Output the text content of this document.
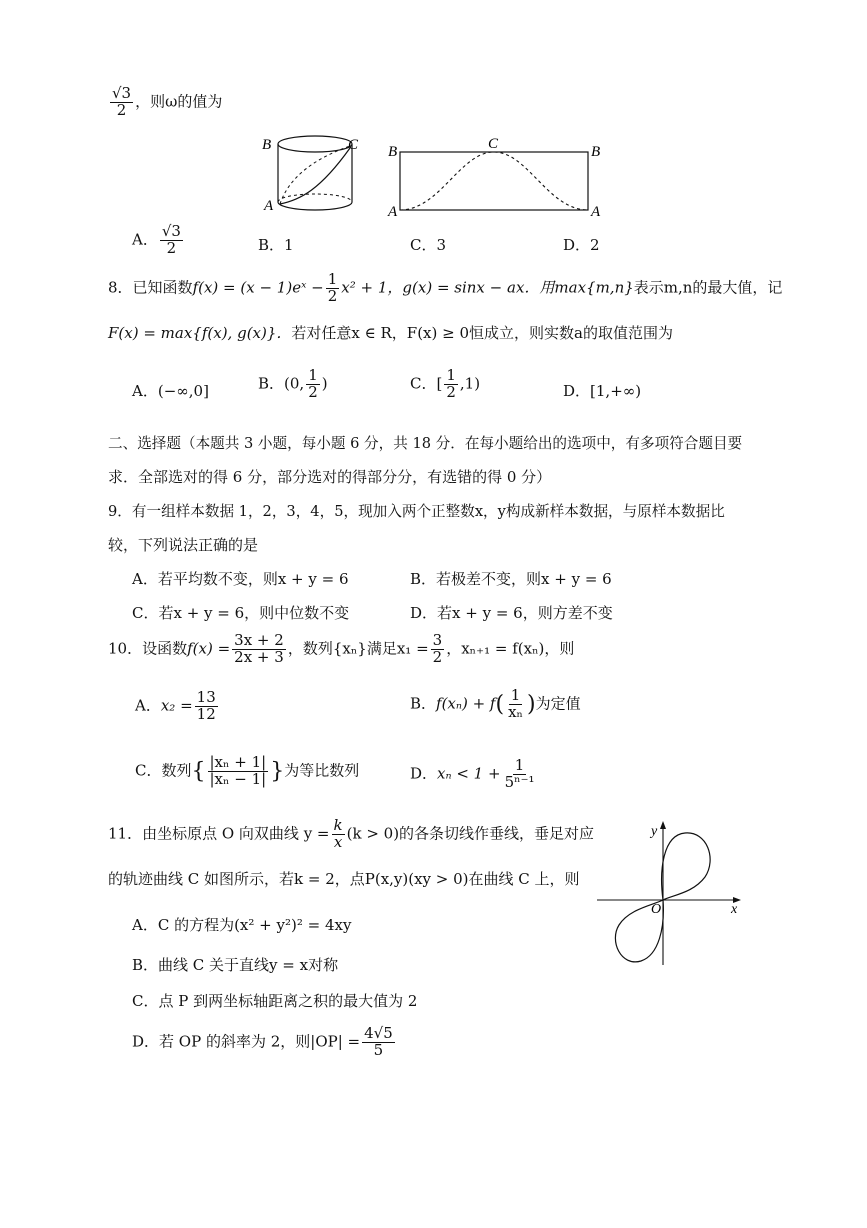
$\frac{√3}{2}$ ，则ω的值为
B	C
A
B	C	B
A	A
A． $\frac{√3}{2}$	B．1	C．3	D．2
8．已知函数f(x) = (x − 1)eˣ − $\frac{1}{2} x^2 + 1$，g(x) = sinx − ax．用max{m,n}表示m,n的最大值，记
F(x) = max{f(x), g(x)}．若对任意x ∈ R，F(x) ≥ 0恒成立，则实数a的取值范围为
A．(−∞,0]	B．(0, $\frac{1}{2}$ )	C．[ $\frac{1}{2} ,1$)	D．[1,+∞)
二、选择题（本题共 3 小题，每小题 6 分，共 18 分．在每小题给出的选项中，有多项符合题目要
求．全部选对的得 6 分，部分选对的得部分分，有选错的得 0 分）
9．有一组样本数据 1，2，3，4，5，现加入两个正整数x，y构成新样本数据，与原样本数据比
较，下列说法正确的是
A．若平均数不变，则x + y = 6	B．若极差不变，则x + y = 6
C．若x + y = 6，则中位数不变	D．若x + y = 6，则方差不变
10．设函数$f(x) = \frac{3x + 2}{2x + 3}$ ，数列{xₙ}满足$x_1 = \frac{3}{2}$ ，xₙ₊₁ = f(xₙ)，则
A．$x_2 = \frac{13}{12}$	B．$f(x_n) + f( \frac{1}{\text{xₙ}}$ )为定值
C．数列{ $\frac{\text{|xₙ + 1|}}{\text{|xₙ − 1|}}$ }为等比数列	D．$x_n < 1 + \frac{1}{\text{5ⁿ⁻¹}}$
11．由坐标原点 O 向双曲线 $y = \frac{k}{x} (k > 0)$的各条切线作垂线，垂足对应
的轨迹曲线 C 如图所示，若k = 2，点P(x,y)(xy > 0)在曲线 C 上，则
A．C 的方程为(x² + y²)² = 4xy
B．曲线 C 关于直线y = x对称
C．点 P 到两坐标轴距离之积的最大值为 2
D．若 OP 的斜率为 2，则$|OP| = \frac{4√5}{5}$
x
y
O
